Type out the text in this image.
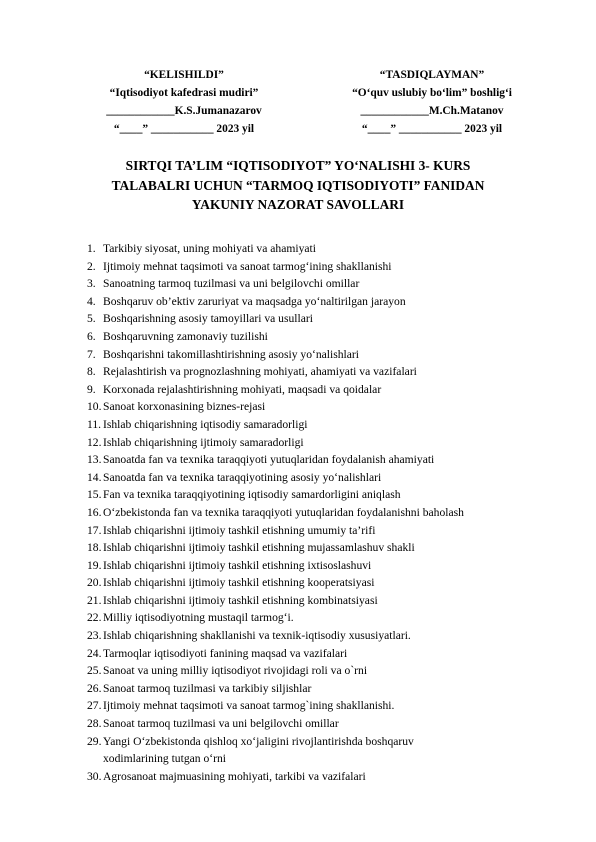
“KELISHILDI”
“Iqtisodiyot kafedrasi mudiri”
____________K.S.Jumanazarov
“____” ___________ 2023 yil
“TASDIQLAYMAN”
“O‘quv uslubiy bo‘lim” boshlig‘i
____________M.Ch.Matanov
“____” ___________ 2023 yil
SIRTQI TA’LIM “IQTISODIYOT” YO‘NALISHI 3- KURS
TALABALRI UCHUN “TARMOQ IQTISODIYOTI” FANIDAN
YAKUNIY NAZORAT SAVOLLARI
1. Tarkibiy siyosat, uning mohiyati va ahamiyati
2. Ijtimoiy mehnat taqsimoti va sanoat tarmog‘ining shakllanishi
3. Sanoatning tarmoq tuzilmasi va uni belgilovchi omillar
4. Boshqaruv ob’ektiv zaruriyat va maqsadga yo‘naltirilgan jarayon
5. Boshqarishning asosiy tamoyillari va usullari
6. Boshqaruvning zamonaviy tuzilishi
7. Boshqarishni takomillashtirishning asosiy yo‘nalishlari
8. Rejalashtirish va prognozlashning mohiyati, ahamiyati va vazifalari
9. Korxonada rejalashtirishning mohiyati, maqsadi va qoidalar
10. Sanoat korxonasining biznes-rejasi
11. Ishlab chiqarishning iqtisodiy samaradorligi
12. Ishlab chiqarishning ijtimoiy samaradorligi
13. Sanoatda fan va texnika taraqqiyoti yutuqlaridan foydalanish ahamiyati
14. Sanoatda fan va texnika taraqqiyotining asosiy yo‘nalishlari
15. Fan va texnika taraqqiyotining iqtisodiy samardorligini aniqlash
16. O‘zbekistonda fan va texnika taraqqiyoti yutuqlaridan foydalanishni baholash
17. Ishlab chiqarishni ijtimoiy tashkil etishning umumiy ta’rifi
18. Ishlab chiqarishni ijtimoiy tashkil etishning mujassamlashuv shakli
19. Ishlab chiqarishni ijtimoiy tashkil etishning ixtisoslashuvi
20. Ishlab chiqarishni ijtimoiy tashkil etishning kooperatsiyasi
21. Ishlab chiqarishni ijtimoiy tashkil etishning kombinatsiyasi
22. Milliy iqtisodiyotning mustaqil tarmog‘i.
23. Ishlab chiqarishning shakllanishi va texnik-iqtisodiy xususiyatlari.
24. Tarmoqlar iqtisodiyoti fanining maqsad va vazifalari
25. Sanoat va uning milliy iqtisodiyot rivojidagi roli va o`rni
26. Sanoat tarmoq tuzilmasi va tarkibiy siljishlar
27. Ijtimoiy mehnat taqsimoti va sanoat tarmog`ining shakllanishi.
28. Sanoat tarmoq tuzilmasi va uni belgilovchi omillar
29. Yangi O‘zbekistonda qishloq xo‘jaligini rivojlantirishda boshqaruv
xodimlarining tutgan o‘rni
30. Agrosanoat majmuasining mohiyati, tarkibi va vazifalari
